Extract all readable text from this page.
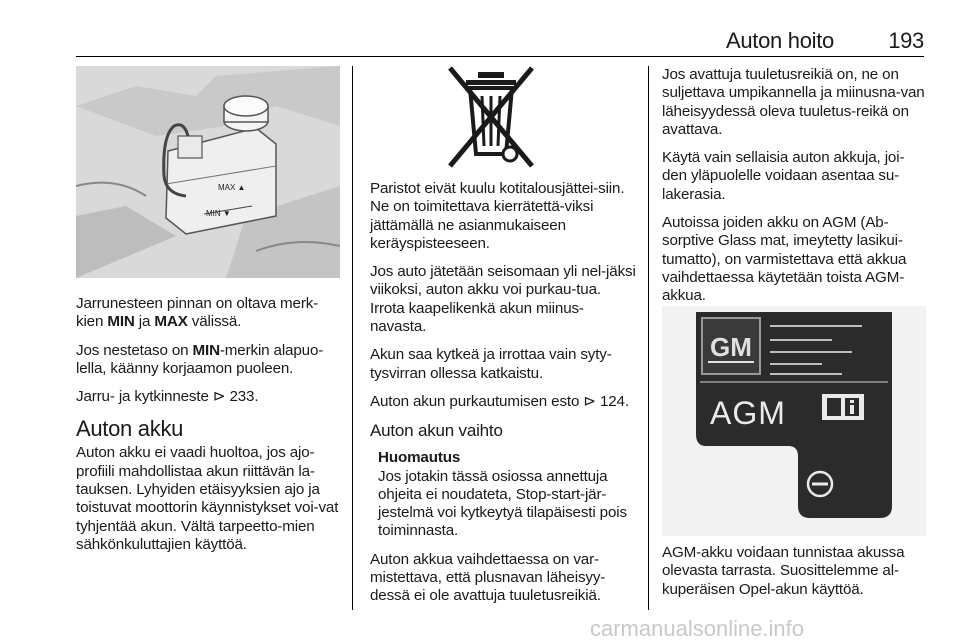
Auton hoito 193
MAX ▲
MIN ▼

Jarrunesteen pinnan on oltava merk-kien MIN ja MAX välissä.

Jos nestetaso on MIN-merkin alapuo-lella, käänny korjaamon puoleen.

Jarru- ja kytkinneste ⊳ 233.

Auton akku

Auton akku ei vaadi huoltoa, jos ajo-profiili mahdollistaa akun riittävän la-tauksen. Lyhyiden etäisyyksien ajo ja toistuvat moottorin käynnistykset voi-vat tyhjentää akun. Vältä tarpeetto-mien sähkönkuluttajien käyttöä.

Paristot eivät kuulu kotitalousjättei-siin. Ne on toimitettava kierrätettä-viksi jättämällä ne asianmukaiseen keräyspisteeseen.

Jos auto jätetään seisomaan yli nel-jäksi viikoksi, auton akku voi purkau-tua. Irrota kaapelikenkä akun miinus-navasta.

Akun saa kytkeä ja irrottaa vain syty-tysvirran ollessa katkaistu.

Auton akun purkautumisen esto ⊳ 124.

Auton akun vaihto
Huomautus
Jos jotakin tässä osiossa annettuja ohjeita ei noudateta, Stop-start-jär-jestelmä voi kytkeytyä tilapäisesti pois toiminnasta.

Auton akkua vaihdettaessa on var-mistettava, että plusnavan läheisyy-dessä ei ole avattuja tuuletusreikiä.

Jos avattuja tuuletusreikiä on, ne on suljettava umpikannella ja miinusna-van läheisyydessä oleva tuuletus-reikä on avattava.

Käytä vain sellaisia auton akkuja, joi-den yläpuolelle voidaan asentaa su-lakerasia.

Autoissa joiden akku on AGM (Ab-sorptive Glass mat, imeytetty lasikui-tumatto), on varmistettava että akkua vaihdettaessa käytetään toista AGM-akkua.

GM
AGM

AGM-akku voidaan tunnistaa akussa olevasta tarrasta. Suosittelemme al-kuperäisen Opel-akun käyttöä.

carmanualsonline.info
